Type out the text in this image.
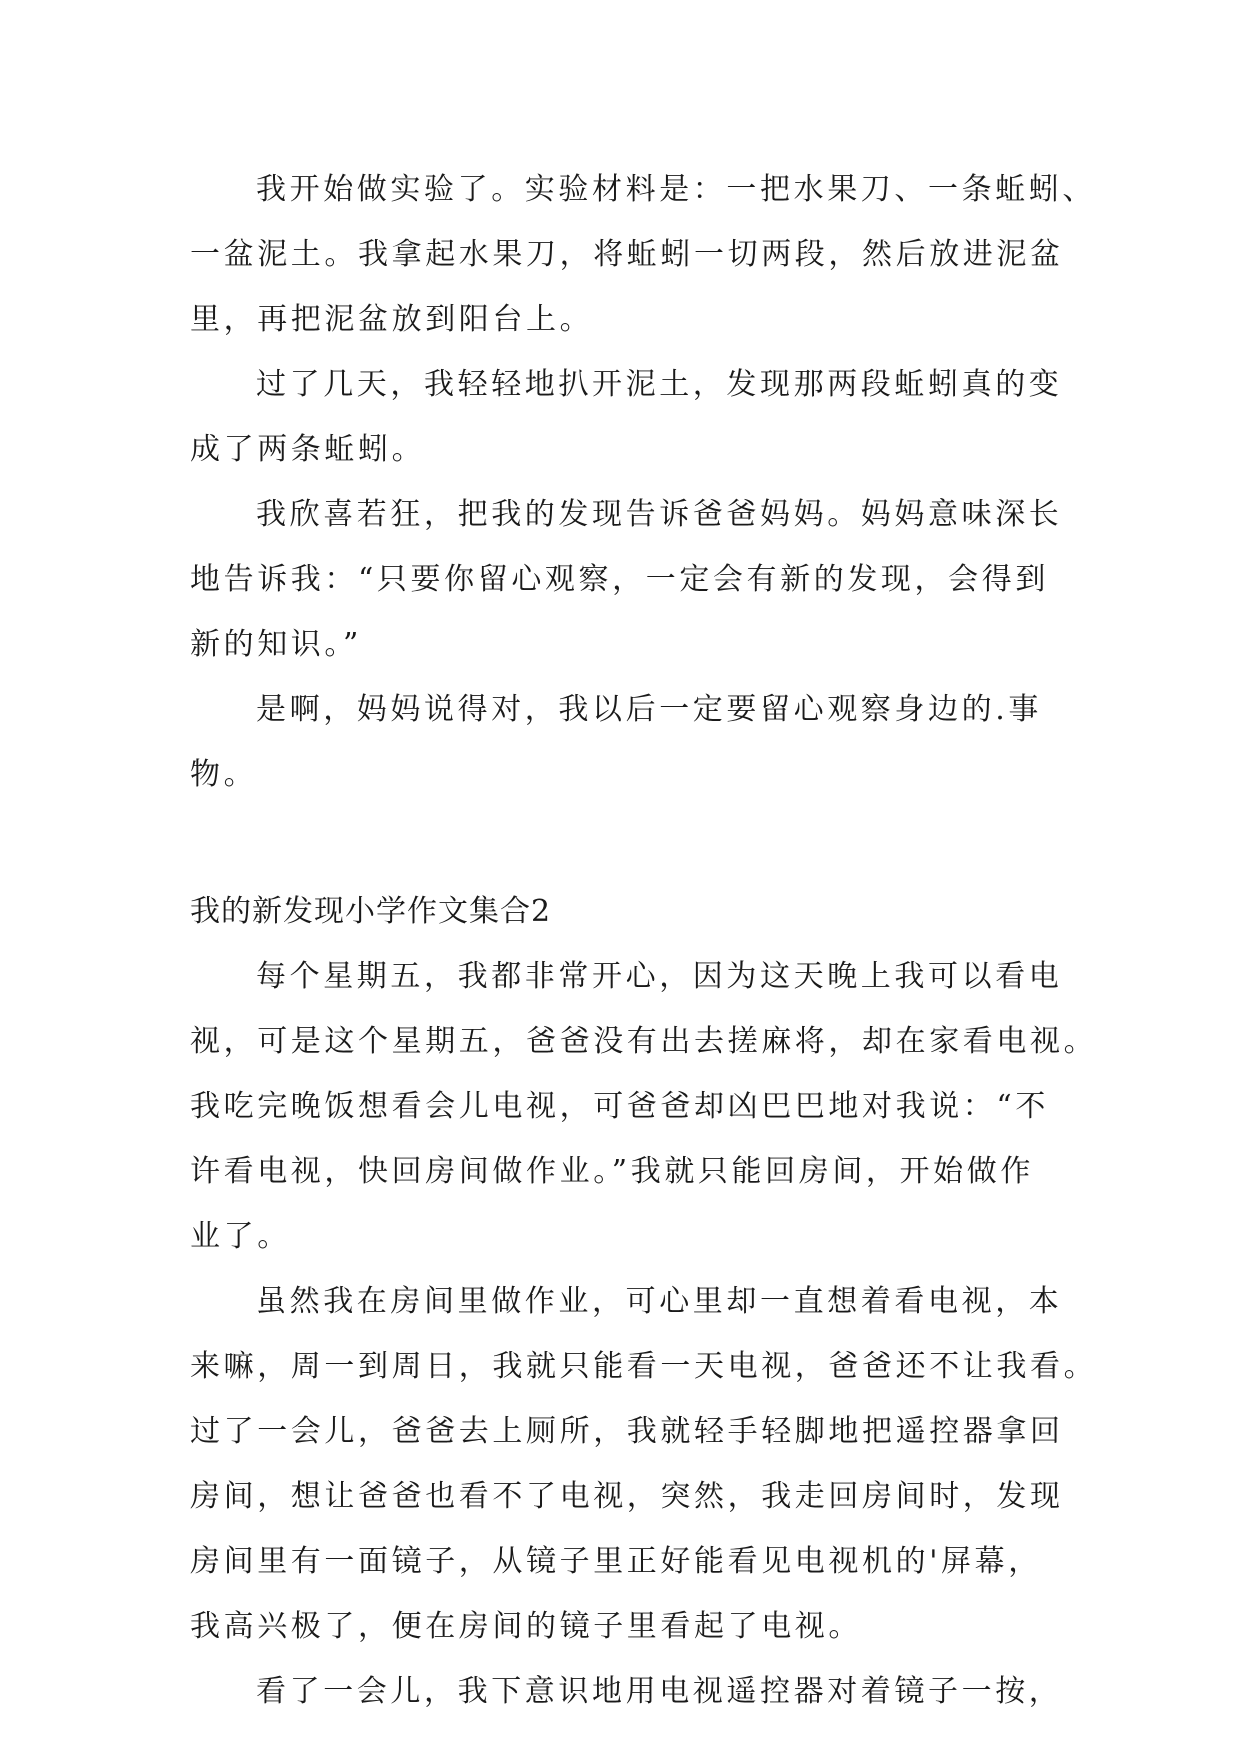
我开始做实验了。实验材料是：一把水果刀、一条蚯蚓、
一盆泥土。我拿起水果刀，将蚯蚓一切两段，然后放进泥盆
里，再把泥盆放到阳台上。
过了几天，我轻轻地扒开泥土，发现那两段蚯蚓真的变
成了两条蚯蚓。
我欣喜若狂，把我的发现告诉爸爸妈妈。妈妈意味深长
地告诉我：“只要你留心观察，一定会有新的发现，会得到
新的知识。”
是啊，妈妈说得对，我以后一定要留心观察身边的.事
物。
我的新发现小学作文集合2
每个星期五，我都非常开心，因为这天晚上我可以看电
视，可是这个星期五，爸爸没有出去搓麻将，却在家看电视。
我吃完晚饭想看会儿电视，可爸爸却凶巴巴地对我说：“不
许看电视，快回房间做作业。”我就只能回房间，开始做作
业了。
虽然我在房间里做作业，可心里却一直想着看电视，本
来嘛，周一到周日，我就只能看一天电视，爸爸还不让我看。
过了一会儿，爸爸去上厕所，我就轻手轻脚地把遥控器拿回
房间，想让爸爸也看不了电视，突然，我走回房间时，发现
房间里有一面镜子，从镜子里正好能看见电视机的'屏幕，
我高兴极了，便在房间的镜子里看起了电视。
看了一会儿，我下意识地用电视遥控器对着镜子一按，
